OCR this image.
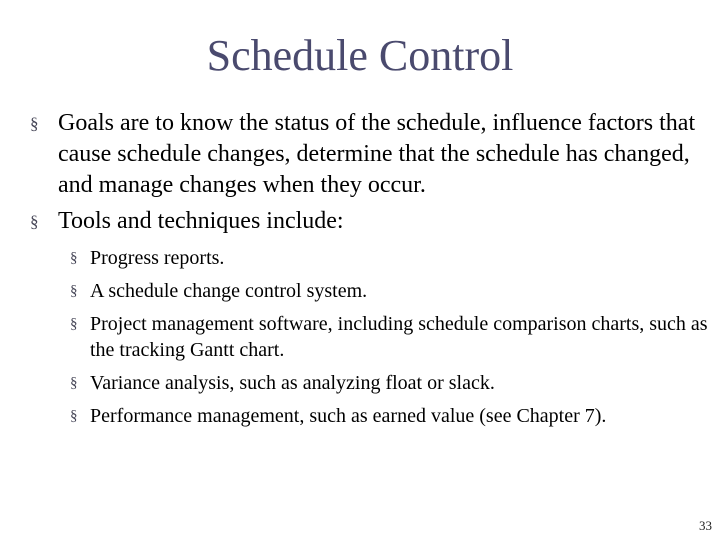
Schedule Control
§ Goals are to know the status of the schedule, influence factors that cause schedule changes, determine that the schedule has changed, and manage changes when they occur.
§ Tools and techniques include:
§ Progress reports.
§ A schedule change control system.
§ Project management software, including schedule comparison charts, such as the tracking Gantt chart.
§ Variance analysis, such as analyzing float or slack.
§ Performance management, such as earned value (see Chapter 7).
33
